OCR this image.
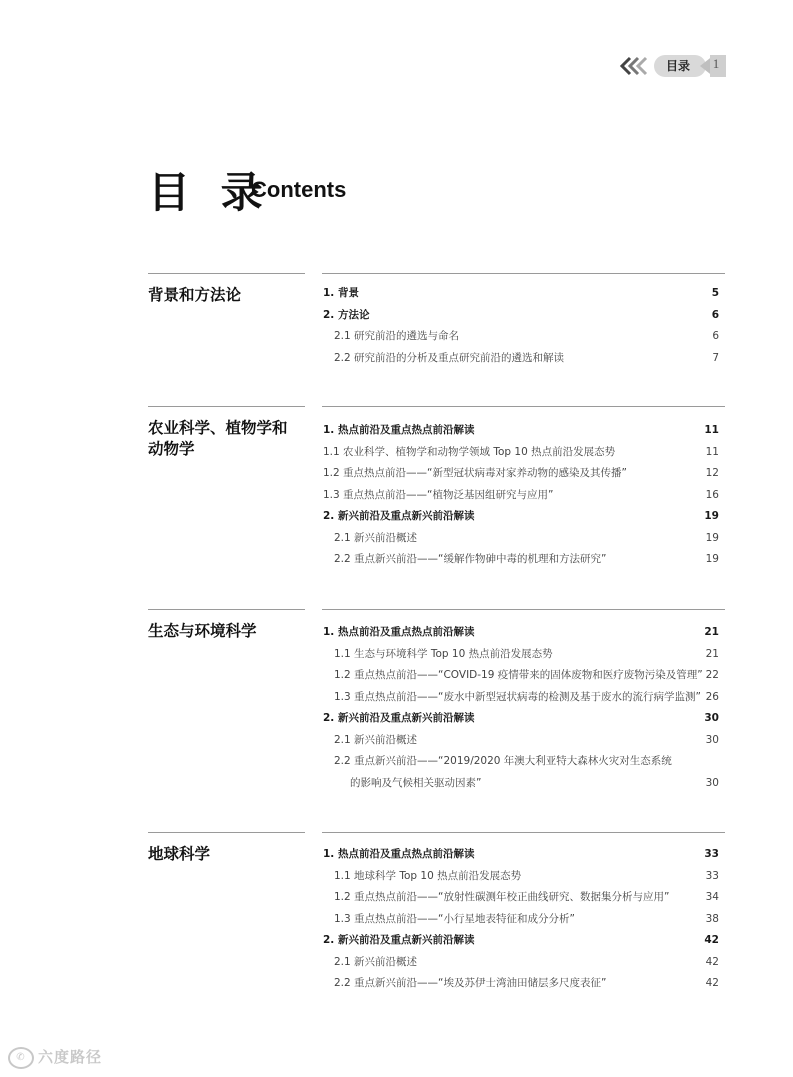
目录	1
目 录
Contents
背景和方法论	1. 背景	5
2. 方法论	6
2.1 研究前沿的遴选与命名	6
2.2 研究前沿的分析及重点研究前沿的遴选和解读	7
农业科学、植物学和动物学
1. 热点前沿及重点热点前沿解读	11
1.1 农业科学、植物学和动物学领域 Top 10 热点前沿发展态势	11
1.2 重点热点前沿——“新型冠状病毒对家养动物的感染及其传播”	12
1.3 重点热点前沿——“植物泛基因组研究与应用”	16
2. 新兴前沿及重点新兴前沿解读	19
2.1 新兴前沿概述	19
2.2 重点新兴前沿——“缓解作物砷中毒的机理和方法研究”	19
生态与环境科学	1. 热点前沿及重点热点前沿解读	21
1.1 生态与环境科学 Top 10 热点前沿发展态势	21
1.2 重点热点前沿——“COVID-19 疫情带来的固体废物和医疗废物污染及管理” 22
1.3 重点热点前沿——“废水中新型冠状病毒的检测及基于废水的流行病学监测” 26
2. 新兴前沿及重点新兴前沿解读	30
2.1 新兴前沿概述	30
2.2 重点新兴前沿——“2019/2020 年澳大利亚特大森林火灾对生态系统
的影响及气候相关驱动因素”	30
地球科学	1. 热点前沿及重点热点前沿解读	33
1.1 地球科学 Top 10 热点前沿发展态势	33
1.2 重点热点前沿——“放射性碳测年校正曲线研究、数据集分析与应用”	34
1.3 重点热点前沿——“小行星地表特征和成分分析”	38
2. 新兴前沿及重点新兴前沿解读	42
2.1 新兴前沿概述	42
2.2 重点新兴前沿——“埃及苏伊士湾油田储层多尺度表征”	42
✆ 六度路径
